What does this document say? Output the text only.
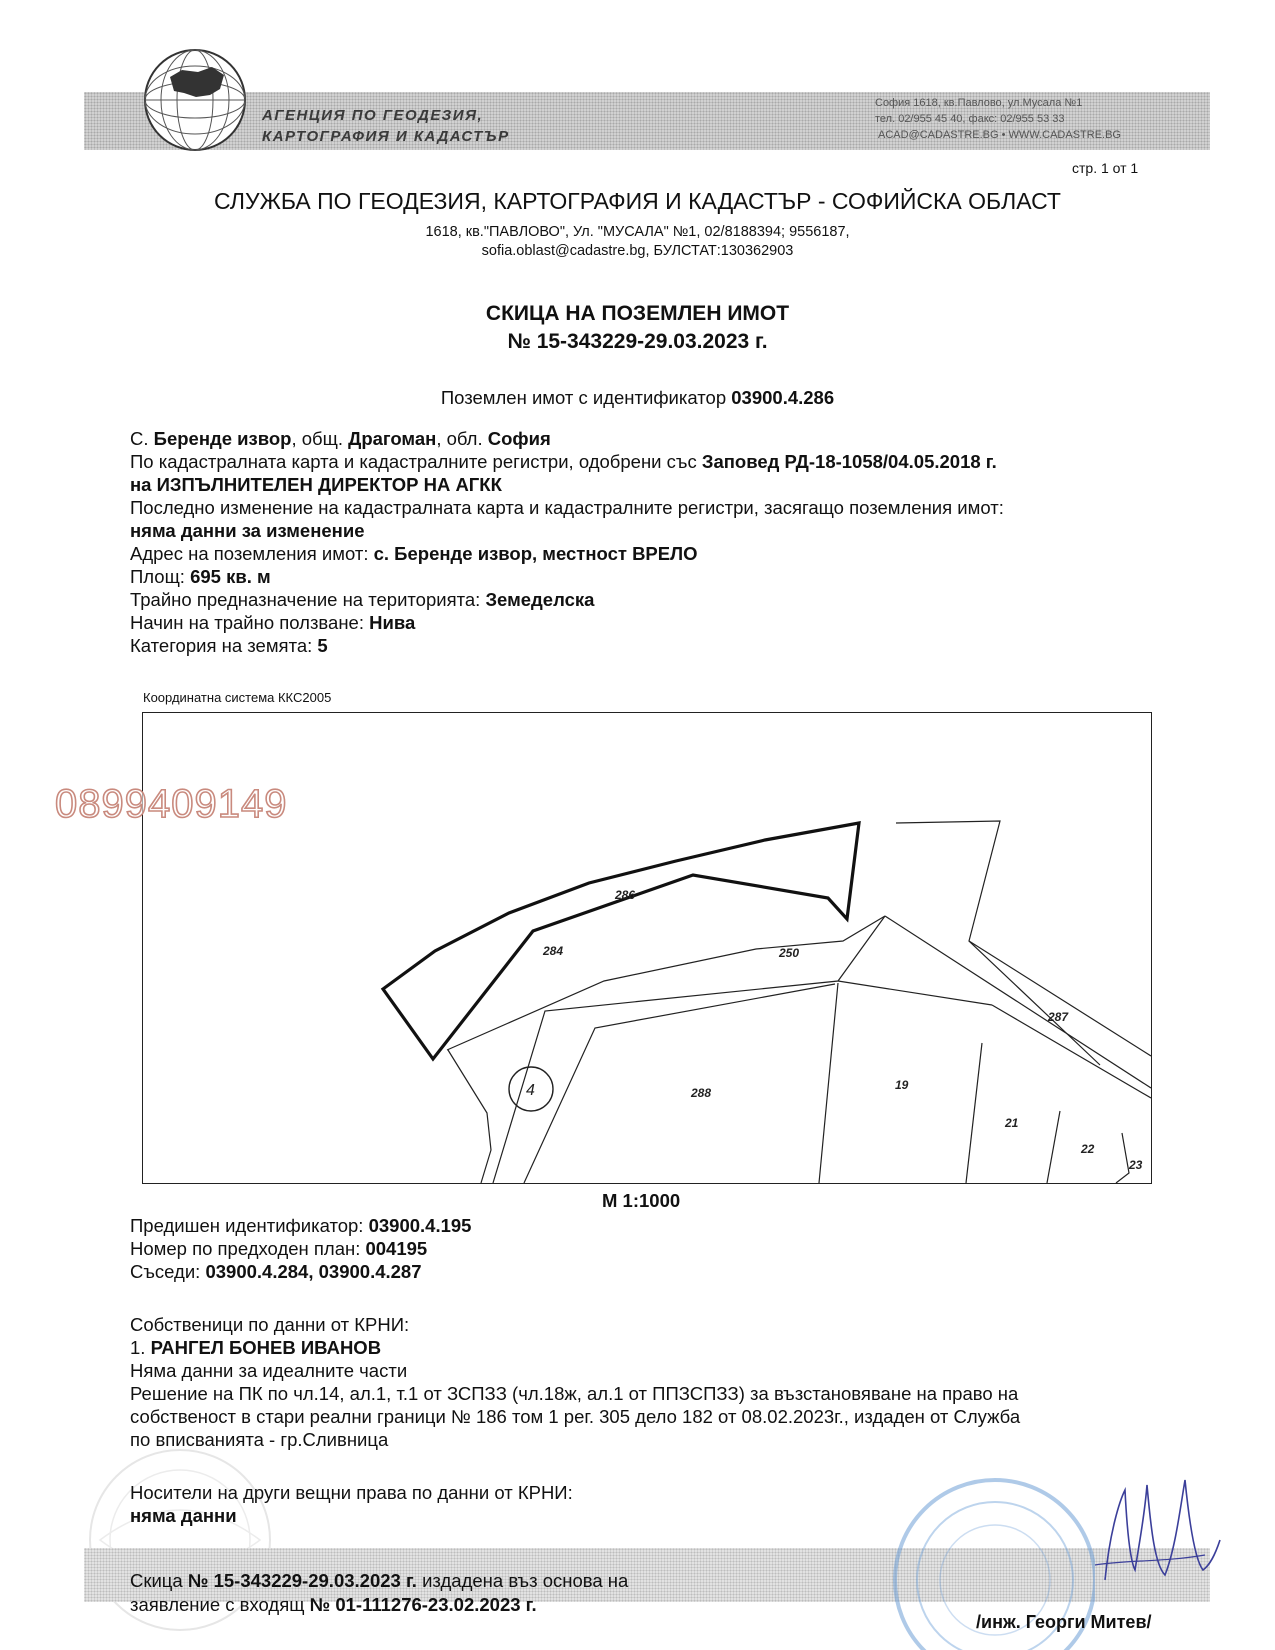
АГЕНЦИЯ ПО ГЕОДЕЗИЯ,
КАРТОГРАФИЯ И КАДАСТЪР
София 1618, кв.Павлово, ул.Мусала №1
тел. 02/955 45 40, факс: 02/955 53 33
ACAD@CADASTRE.BG • WWW.CADASTRE.BG
стр. 1 от 1
СЛУЖБА ПО ГЕОДЕЗИЯ, КАРТОГРАФИЯ И КАДАСТЪР - СОФИЙСКА ОБЛАСТ
1618, кв."ПАВЛОВО", Ул. "МУСАЛА" №1, 02/8188394; 9556187,
sofia.oblast@cadastre.bg, БУЛСТАТ:130362903
СКИЦА НА ПОЗЕМЛЕН ИМОТ
№ 15-343229-29.03.2023 г.
Поземлен имот с идентификатор 03900.4.286
С. Беренде извор, общ. Драгоман, обл. София
По кадастралната карта и кадастралните регистри, одобрени със Заповед РД-18-1058/04.05.2018 г.
на ИЗПЪЛНИТЕЛЕН ДИРЕКТОР НА АГКК
Последно изменение на кадастралната карта и кадастралните регистри, засягащо поземления имот:
няма данни за изменение
Адрес на поземления имот: с. Беренде извор, местност ВРЕЛО
Площ: 695 кв. м
Трайно предназначение на територията: Земеделска
Начин на трайно ползване: Нива
Категория на земята: 5
Координатна система ККС2005
286
284	250
287
288
19
21
22
23
4
0899409149
М 1:1000
Предишен идентификатор: 03900.4.195
Номер по предходен план: 004195
Съседи: 03900.4.284, 03900.4.287
Собственици по данни от КРНИ:
1. РАНГЕЛ БОНЕВ ИВАНОВ
Няма данни за идеалните части
Решение на ПК по чл.14, ал.1, т.1 от ЗСПЗЗ (чл.18ж, ал.1 от ППЗСПЗЗ) за възстановяване на право на
собственост в стари реални граници № 186 том 1 рег. 305 дело 182 от 08.02.2023г., издаден от Служба
по вписванията - гр.Сливница
Носители на други вещни права по данни от КРНИ:
няма данни
Скица № 15-343229-29.03.2023 г. издадена въз основа на
заявление с входящ № 01-111276-23.02.2023 г.
/инж. Георги Митев/
